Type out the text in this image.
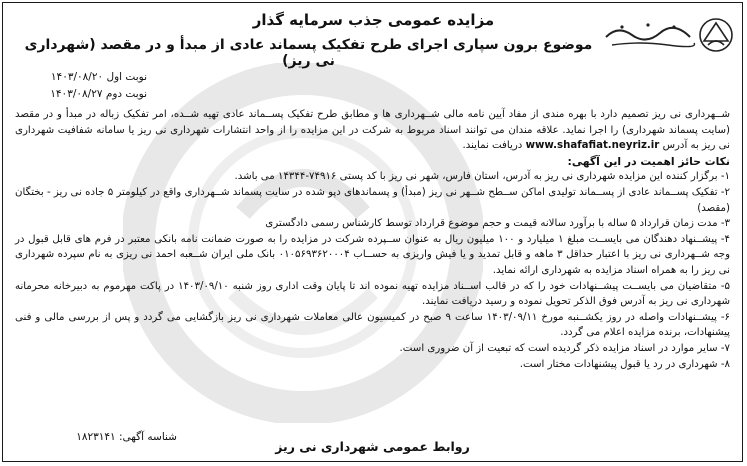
مزایده عمومی جذب سرمایه گذار
موضوع برون سپاری اجرای طرح تفکیک پسماند عادی از مبدأ و در مقصد (شهرداری نی ریز)
نوبت اول ۱۴۰۳/۰۸/۲۰
نوبت دوم ۱۴۰۳/۰۸/۲۷

شــهرداری نی ریز تصمیم دارد با بهره مندی از مفاد آیین نامه مالی شــهرداری ها و مطابق طرح تفکیک پســماند عادی تهیه شــده، امر تفکیک زباله در مبدأ و در مقصد (سایت پسماند شهرداری) را اجرا نماید. علاقه مندان می توانند اسناد مربوط به شرکت در این مزایده را از واحد انتشارات شهرداری نی ریز یا سامانه شفافیت شهرداری نی ریز به آدرس www.shafafiat.neyriz.ir دریافت نمایند.

نکات حائز اهمیت در این آگهی:

۱- برگزار کننده این مزایده شهرداری نی ریز به آدرس، استان فارس، شهر نی ریز با کد پستی ۷۴۹۱۶-۱۴۳۴۴ می باشد.

۲- تفکیک پســماند عادی از پســماند تولیدی اماکن ســطح شــهر نی ریز (مبدأ) و پسماندهای دپو شده در سایت پسماند شــهرداری واقع در کیلومتر ۵ جاده نی ریز - بختگان (مقصد)

۳- مدت زمان قرارداد ۵ ساله با برآورد سالانه قیمت و حجم موضوع قرارداد توسط کارشناس رسمی دادگستری

۴- پیشــنهاد دهندگان می بایســت مبلغ ۱ میلیارد و ۱۰۰ میلیون ریال به عنوان ســپرده شرکت در مزایده را به صورت ضمانت نامه بانکی معتبر در فرم های قابل قبول در وجه شــهرداری نی ریز با اعتبار حداقل ۳ ماهه و قابل تمدید و یا فیش واریزی به حســاب ۰۱۰۵۶۹۳۶۲۰۰۰۴ بانک ملی ایران شــعبه احمد نی ریزی به نام سپرده شهرداری نی ریز را به همراه اسناد مزایده به شهرداری ارائه نماید.

۵- متقاضیان می بایســت پیشــنهادات خود را که در قالب اســناد مزایده تهیه نموده اند تا پایان وقت اداری روز شنبه ۱۴۰۳/۰۹/۱۰ در پاکت مهرموم به دبیرخانه محرمانه شهرداری نی ریز به آدرس فوق الذکر تحویل نموده و رسید دریافت نمایند.

۶- پیشــنهادات واصله در روز یکشــنبه مورخ ۱۴۰۳/۰۹/۱۱ ساعت ۹ صبح در کمیسیون عالی معاملات شهرداری نی ریز بازگشایی می گردد و پس از بررسی مالی و فنی پیشنهادات، برنده مزایده اعلام می گردد.

۷- سایر موارد در اسناد مزایده ذکر گردیده است که تبعیت از آن ضروری است.

۸- شهرداری در رد یا قبول پیشنهادات مختار است.

شناسه آگهی: ۱۸۲۳۱۴۱
روابط عمومی شهرداری نی ریز
